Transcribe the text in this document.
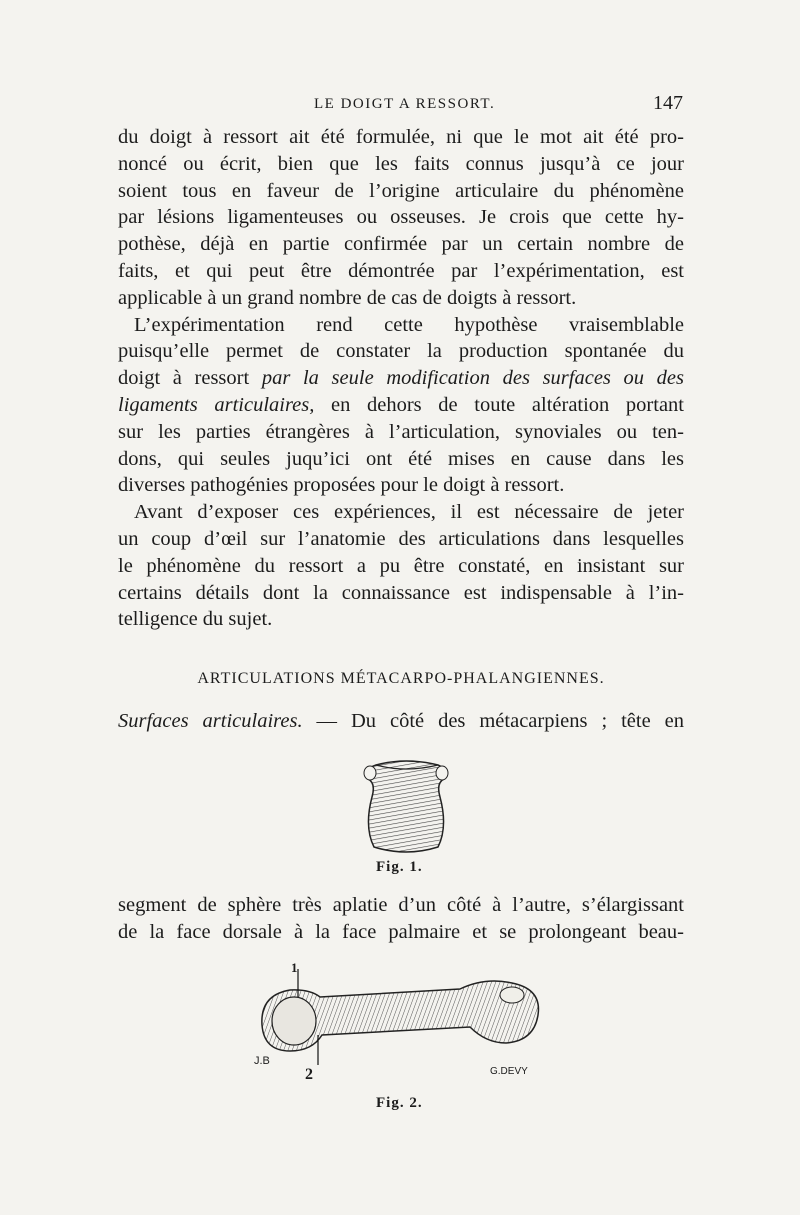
LE DOIGT A RESSORT.	147
du doigt à ressort ait été formulée, ni que le mot ait été pro-
noncé ou écrit, bien que les faits connus jusqu’à ce jour
soient tous en faveur de l’origine articulaire du phénomène
par lésions ligamenteuses ou osseuses. Je crois que cette hy-
pothèse, déjà en partie confirmée par un certain nombre de
faits, et qui peut être démontrée par l’expérimentation, est
applicable à un grand nombre de cas de doigts à ressort.
L’expérimentation rend cette hypothèse vraisemblable
puisqu’elle permet de constater la production spontanée du
doigt à ressort par la seule modification des surfaces ou des
ligaments articulaires, en dehors de toute altération portant
sur les parties étrangères à l’articulation, synoviales ou ten-
dons, qui seules juqu’ici ont été mises en cause dans les
diverses pathogénies proposées pour le doigt à ressort.
Avant d’exposer ces expériences, il est nécessaire de jeter
un coup d’œil sur l’anatomie des articulations dans lesquelles
le phénomène du ressort a pu être constaté, en insistant sur
certains détails dont la connaissance est indispensable à l’in-
telligence du sujet.
ARTICULATIONS MÉTACARPO-PHALANGIENNES.
Surfaces articulaires. — Du côté des métacarpiens ; tête en
Fig. 1.
segment de sphère très aplatie d’un côté à l’autre, s’élargissant
de la face dorsale à la face palmaire et se prolongeant beau-
1
J.B
2	G.DEVY
Fig. 2.
